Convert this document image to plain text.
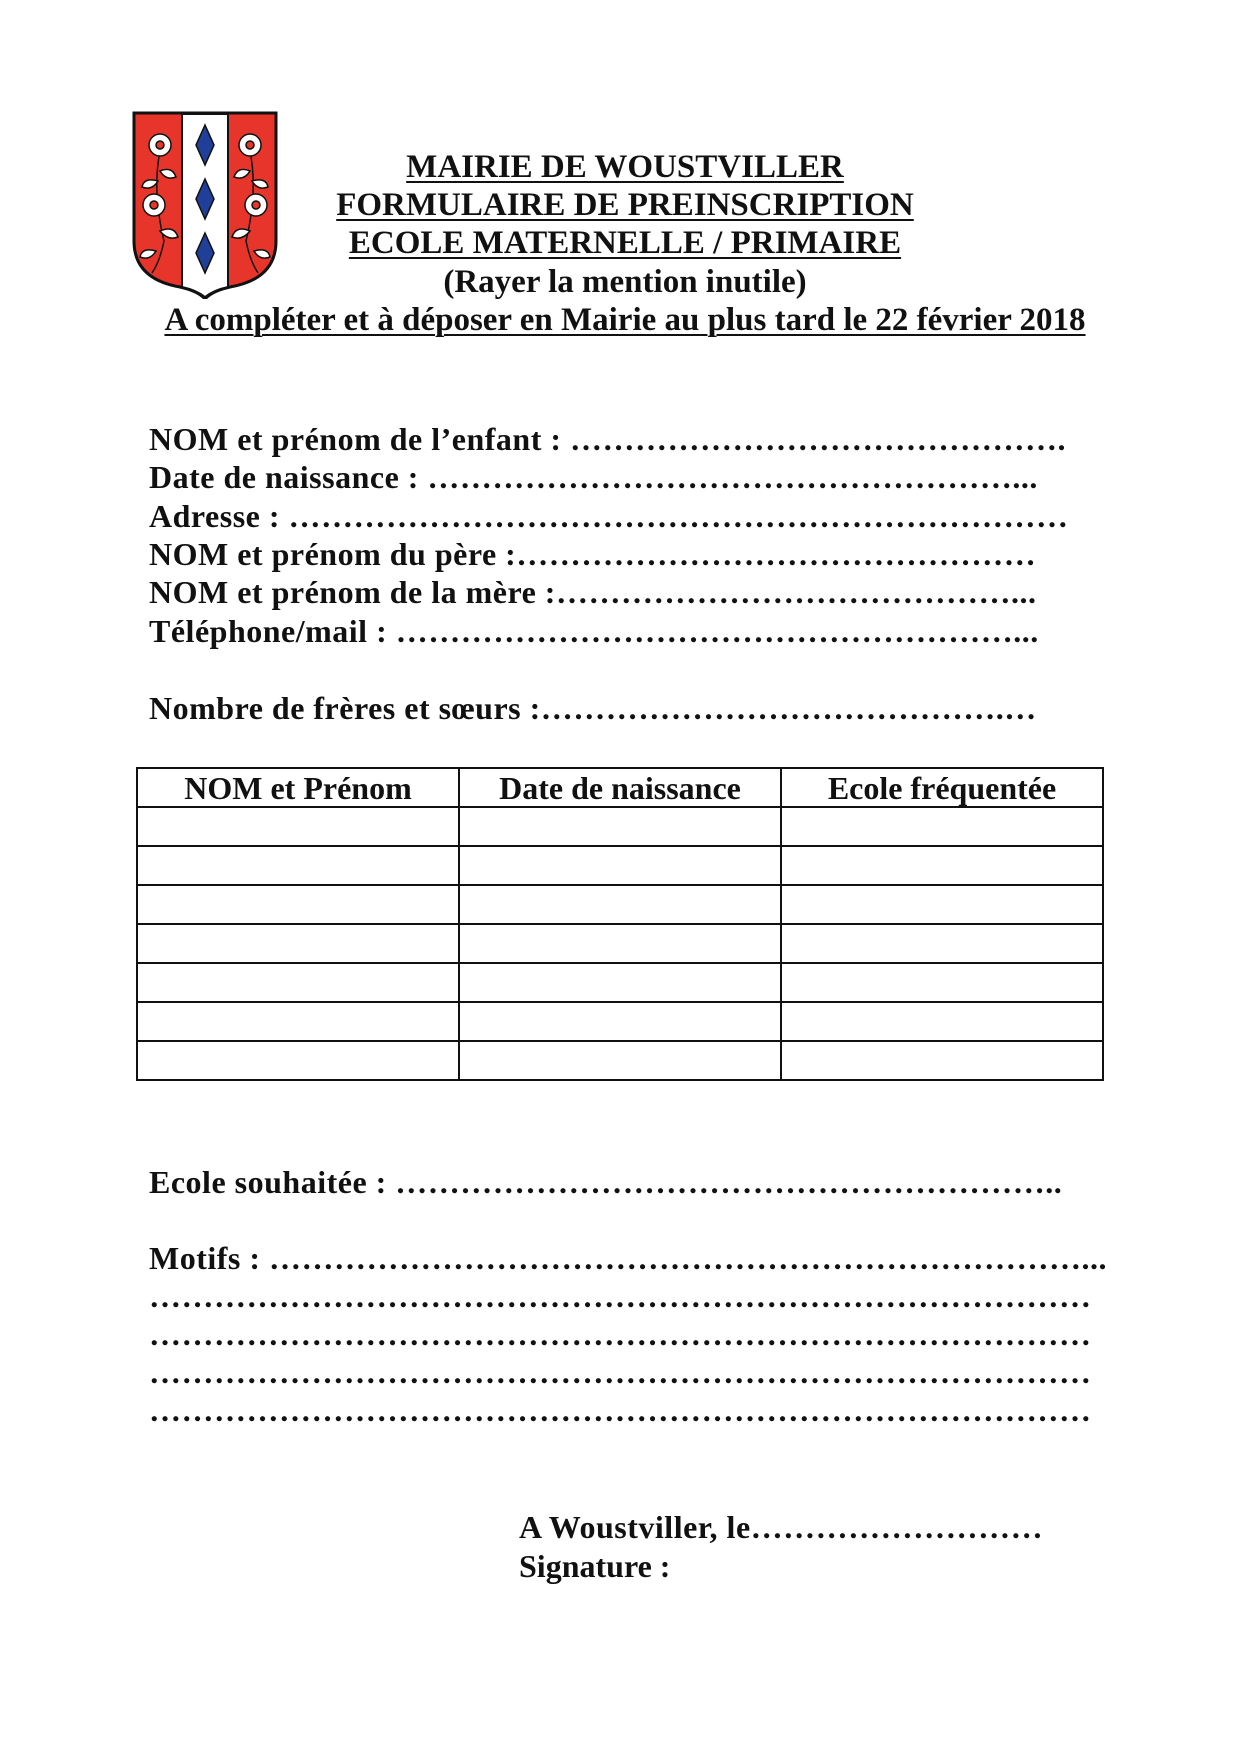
MAIRIE DE WOUSTVILLER
FORMULAIRE DE PREINSCRIPTION
ECOLE MATERNELLE / PRIMAIRE
(Rayer la mention inutile)
A compléter et à déposer en Mairie au plus tard le 22 février 2018
NOM et prénom de l’enfant : ……………………………………….
Date de naissance : ………………………………………………...
Adresse : ………………………………………………………………
NOM et prénom du père :…………………………………………
NOM et prénom de la mère :……………………………………...
Téléphone/mail : …………………………………………………...
Nombre de frères et sœurs :…………………………………….…
NOM et Prénom	Date de naissance	Ecole fréquentée

Ecole souhaitée : ……………………………………………………..
Motifs : …………………………………………………………………...
……………………………………………………………………………
……………………………………………………………………………
……………………………………………………………………………
……………………………………………………………………………
A Woustviller, le………………………
Signature :
